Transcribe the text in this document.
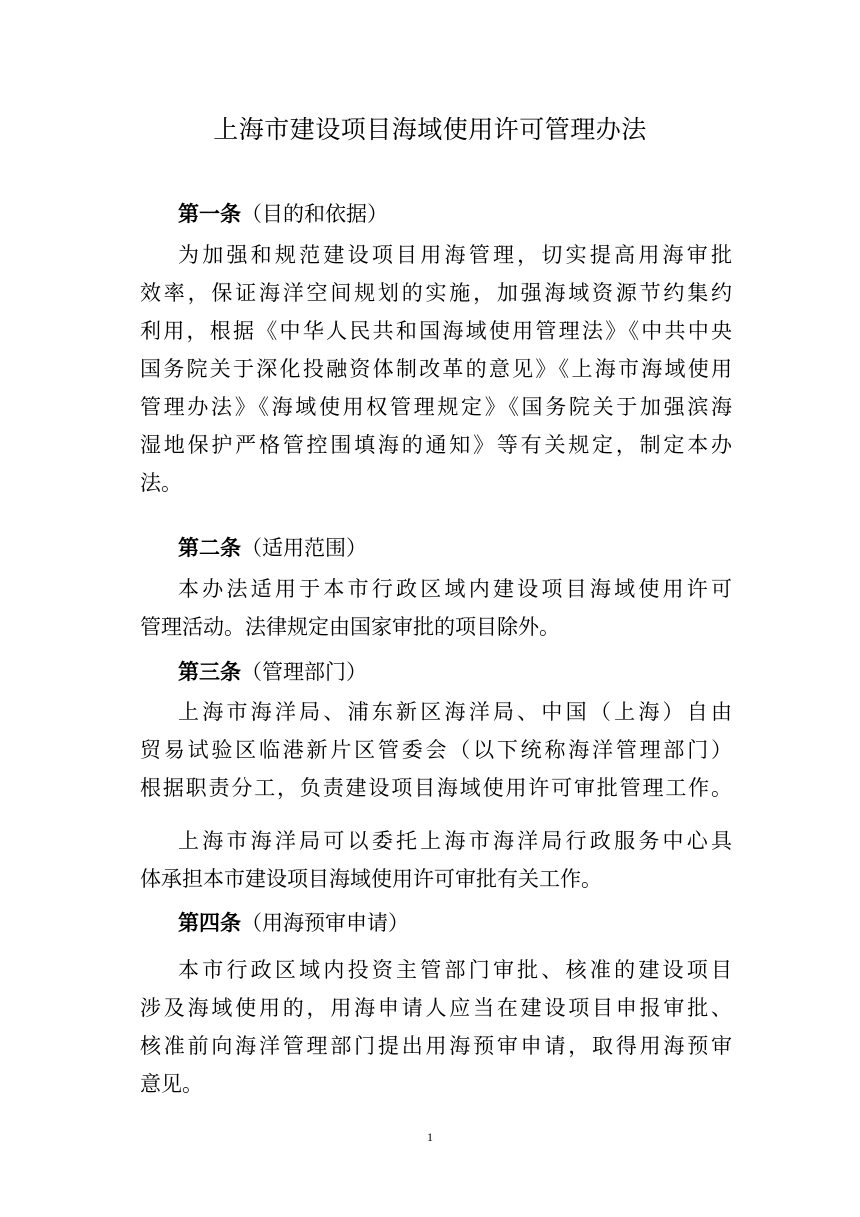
上海市建设项目海域使用许可管理办法
第一条（目的和依据）
为加强和规范建设项目用海管理，切实提高用海审批
效率，保证海洋空间规划的实施，加强海域资源节约集约
利用，根据《中华人民共和国海域使用管理法》《中共中央
国务院关于深化投融资体制改革的意见》《上海市海域使用
管理办法》《海域使用权管理规定》《国务院关于加强滨海
湿地保护严格管控围填海的通知》等有关规定，制定本办
法。
第二条（适用范围）
本办法适用于本市行政区域内建设项目海域使用许可
管理活动。法律规定由国家审批的项目除外。
第三条（管理部门）
上海市海洋局、浦东新区海洋局、中国（上海）自由
贸易试验区临港新片区管委会（以下统称海洋管理部门）
根据职责分工，负责建设项目海域使用许可审批管理工作。
上海市海洋局可以委托上海市海洋局行政服务中心具
体承担本市建设项目海域使用许可审批有关工作。
第四条（用海预审申请）
本市行政区域内投资主管部门审批、核准的建设项目
涉及海域使用的，用海申请人应当在建设项目申报审批、
核准前向海洋管理部门提出用海预审申请，取得用海预审
意见。
1
